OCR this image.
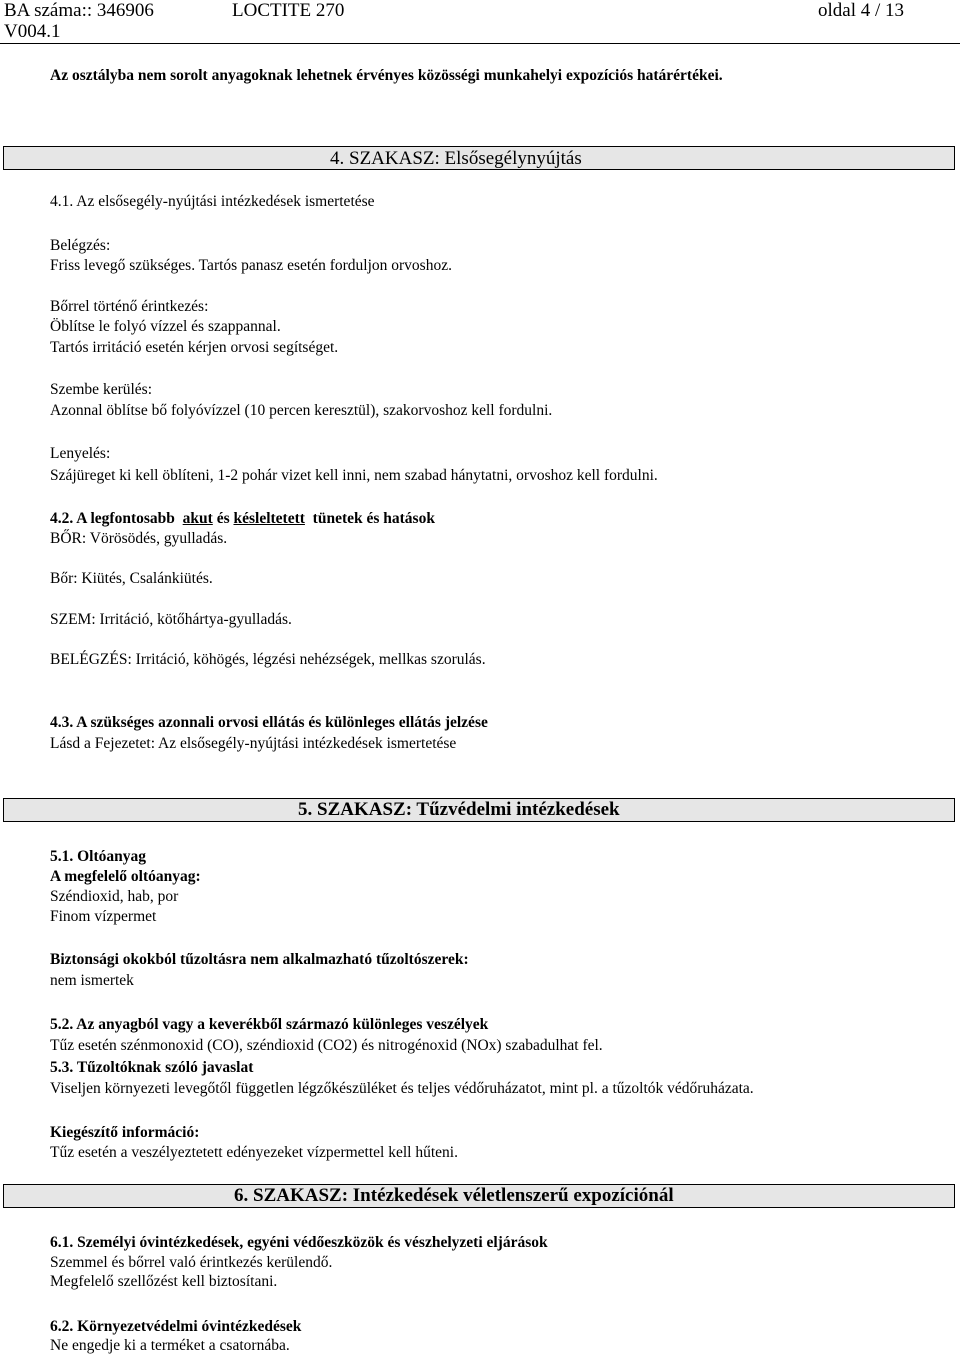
BA száma:: 346906	LOCTITE 270	oldal 4 / 13
V004.1
Az osztályba nem sorolt anyagoknak lehetnek érvényes közösségi munkahelyi expozíciós határértékei.
4. SZAKASZ: Elsősegélynyújtás
4.1. Az elsősegély-nyújtási intézkedések ismertetése
Belégzés:
Friss levegő szükséges. Tartós panasz esetén forduljon orvoshoz.
Bőrrel történő érintkezés:
Öblítse le folyó vízzel és szappannal.
Tartós irritáció esetén kérjen orvosi segítséget.
Szembe kerülés:
Azonnal öblítse bő folyóvízzel (10 percen keresztül), szakorvoshoz kell fordulni.
Lenyelés:
Szájüreget ki kell öblíteni, 1-2 pohár vizet kell inni, nem szabad hánytatni, orvoshoz kell fordulni.
4.2. A legfontosabb akut és késleltetett tünetek és hatások
BŐR: Vörösödés, gyulladás.
Bőr: Kiütés, Csalánkiütés.
SZEM: Irritáció, kötőhártya-gyulladás.
BELÉGZÉS: Irritáció, köhögés, légzési nehézségek, mellkas szorulás.
4.3. A szükséges azonnali orvosi ellátás és különleges ellátás jelzése
Lásd a Fejezetet: Az elsősegély-nyújtási intézkedések ismertetése
5. SZAKASZ: Tűzvédelmi intézkedések
5.1. Oltóanyag
A megfelelő oltóanyag:
Széndioxid, hab, por
Finom vízpermet
Biztonsági okokból tűzoltásra nem alkalmazható tűzoltószerek:
nem ismertek
5.2. Az anyagból vagy a keverékből származó különleges veszélyek
Tűz esetén szénmonoxid (CO), széndioxid (CO2) és nitrogénoxid (NOx) szabadulhat fel.
5.3. Tűzoltóknak szóló javaslat
Viseljen környezeti levegőtől független légzőkészüléket és teljes védőruházatot, mint pl. a tűzoltók védőruházata.
Kiegészítő információ:
Tűz esetén a veszélyeztetett edényezeket vízpermettel kell hűteni.
6. SZAKASZ: Intézkedések véletlenszerű expozíciónál
6.1. Személyi óvintézkedések, egyéni védőeszközök és vészhelyzeti eljárások
Szemmel és bőrrel való érintkezés kerülendő.
Megfelelő szellőzést kell biztosítani.
6.2. Környezetvédelmi óvintézkedések
Ne engedje ki a terméket a csatornába.
